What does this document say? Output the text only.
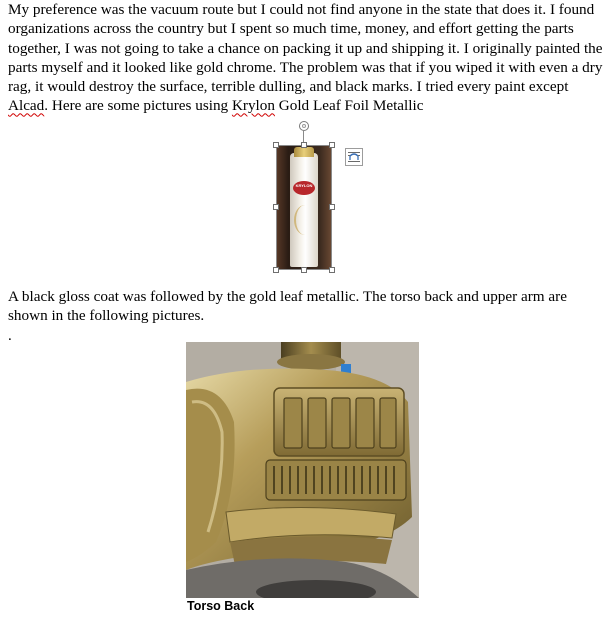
My preference was the vacuum route but I could not find anyone in the state that does it. I found organizations across the country but I spent so much time, money, and effort getting the parts together, I was not going to take a chance on packing it up and shipping it. I originally painted the parts myself and it looked like gold chrome. The problem was that if you wiped it with even a dry rag, it would destroy the surface, terrible dulling, and black marks. I tried every paint except Alcad. Here are some pictures using Krylon Gold Leaf Foil Metallic

KRYLON

A black gloss coat was followed by the gold leaf metallic. The torso back and upper arm are shown in the following pictures.

.
Torso Back
